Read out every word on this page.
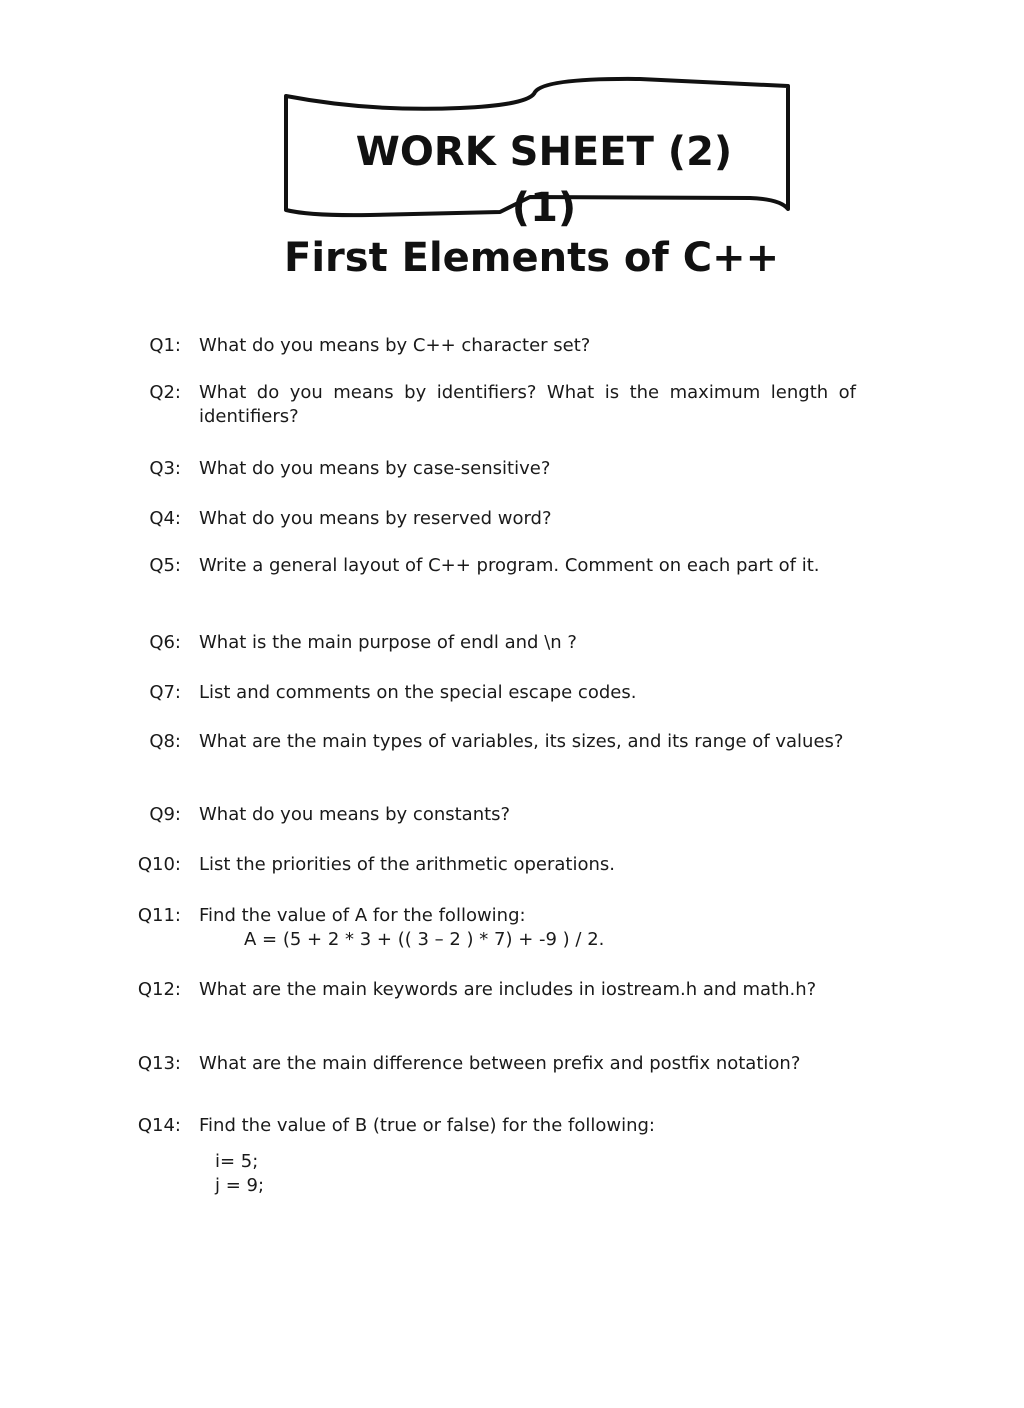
WORK SHEET (2)
(1)
First Elements of C++
Q1: What do you means by C++ character set?
Q2: What do you means by identifiers? What is the maximum length of identifiers?
Q3: What do you means by case-sensitive?
Q4: What do you means by reserved word?
Q5: Write a general layout of C++ program. Comment on each part of it.
Q6: What is the main purpose of endl and \n ?
Q7: List and comments on the special escape codes.
Q8: What are the main types of variables, its sizes, and its range of values?
Q9: What do you means by constants?
Q10: List the priorities of the arithmetic operations.
Q11: Find the value of A for the following:
A = (5 + 2 * 3 + (( 3 – 2 ) * 7) + -9 ) / 2.
Q12: What are the main keywords are includes in iostream.h and math.h?
Q13: What are the main difference between prefix and postfix notation?
Q14: Find the value of B (true or false) for the following:
i= 5;
j = 9;
